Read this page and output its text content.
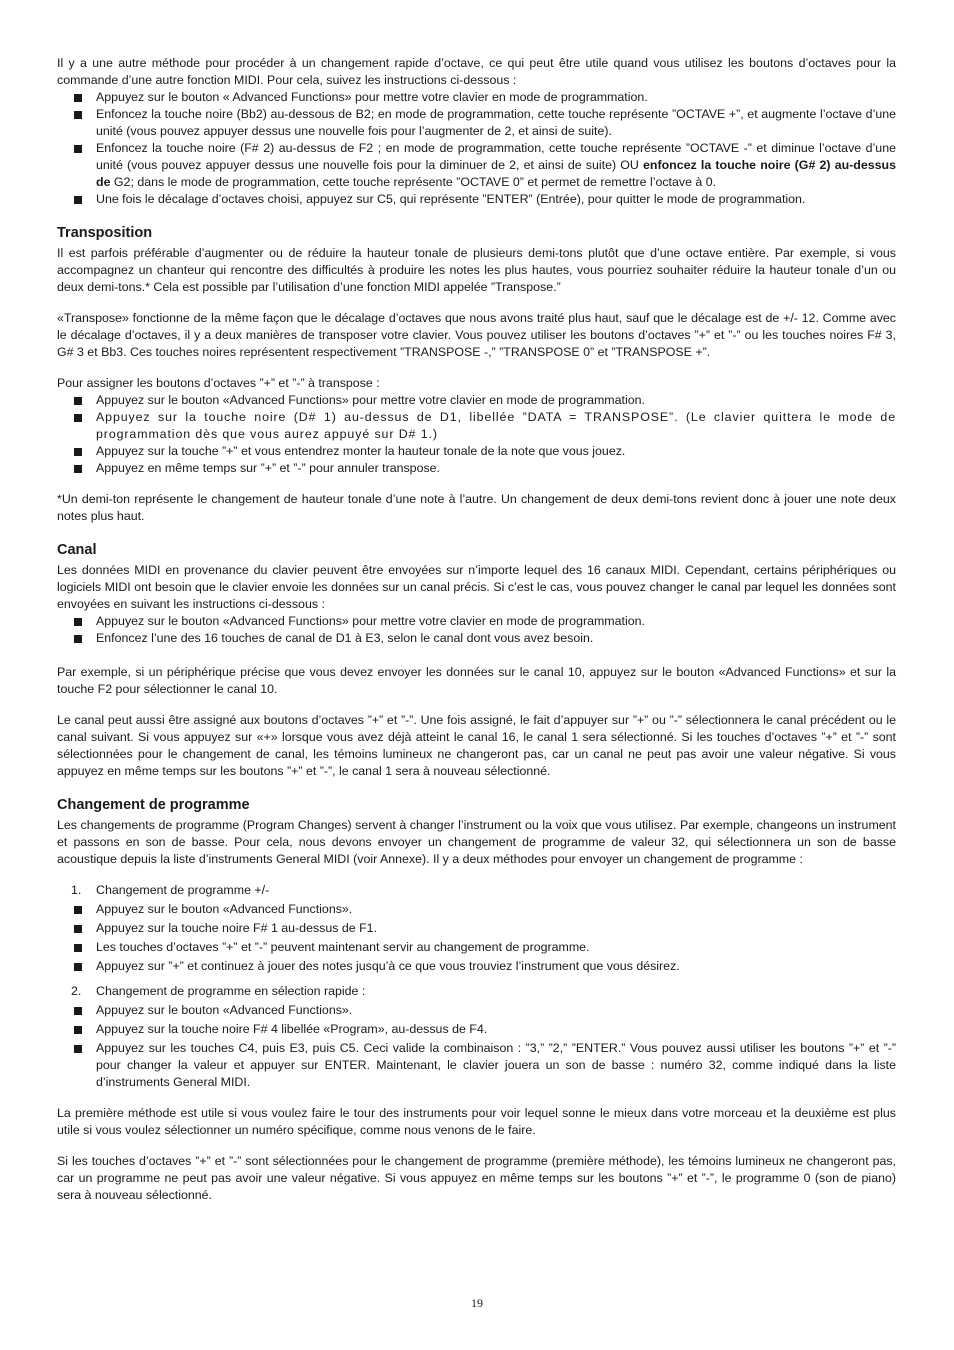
Il y a une autre méthode pour procéder à un changement rapide d’octave, ce qui peut être utile quand vous utilisez les boutons d’octaves pour la commande d’une autre fonction MIDI. Pour cela, suivez les instructions ci-dessous :

Appuyez sur le bouton « Advanced Functions» pour mettre votre clavier en mode de programmation.
Enfoncez la touche noire (Bb2) au-dessous de B2; en mode de programmation, cette touche représente ”OCTAVE +”, et augmente l’octave d’une unité (vous pouvez appuyer dessus une nouvelle fois pour l’augmenter de 2, et ainsi de suite).
Enfoncez la touche noire (F# 2) au-dessus de F2 ; en mode de programmation, cette touche représente ”OCTAVE -” et diminue l’octave d’une unité (vous pouvez appuyer dessus une nouvelle fois pour la diminuer de 2, et ainsi de suite) OU enfoncez la touche noire (G# 2) au-dessus de G2; dans le mode de programmation, cette touche représente ”OCTAVE 0” et permet de remettre l’octave à 0.
Une fois le décalage d’octaves choisi, appuyez sur C5, qui représente ”ENTER” (Entrée), pour quitter le mode de programmation.
Transposition

Il est parfois préférable d’augmenter ou de réduire la hauteur tonale de plusieurs demi-tons plutôt que d’une octave entière. Par exemple, si vous accompagnez un chanteur qui rencontre des difficultés à produire les notes les plus hautes, vous pourriez souhaiter réduire la hauteur tonale d’un ou deux demi-tons.* Cela est possible par l’utilisation d’une fonction MIDI appelée ”Transpose.”

«Transpose» fonctionne de la même façon que le décalage d’octaves que nous avons traité plus haut, sauf que le décalage est de +/- 12. Comme avec le décalage d’octaves, il y a deux manières de transposer votre clavier. Vous pouvez utiliser les boutons d’octaves ”+” et ”-” ou les touches noires F# 3, G# 3 et Bb3. Ces touches noires représentent respectivement ”TRANSPOSE -,” ”TRANSPOSE 0” et ”TRANSPOSE +”.

Pour assigner les boutons d’octaves ”+” et ”-” à transpose :

Appuyez sur le bouton «Advanced Functions» pour mettre votre clavier en mode de programmation.
Appuyez sur la touche noire (D# 1) au-dessus de D1, libellée ”DATA = TRANSPOSE”. (Le clavier quittera le mode de programmation dès que vous aurez appuyé sur D# 1.)
Appuyez sur la touche ”+” et vous entendrez monter la hauteur tonale de la note que vous jouez.
Appuyez en même temps sur ”+” et ”-” pour annuler transpose.

*Un demi-ton représente le changement de hauteur tonale d’une note à l’autre. Un changement de deux demi-tons revient donc à jouer une note deux notes plus haut.

Canal

Les données MIDI en provenance du clavier peuvent être envoyées sur n’importe lequel des 16 canaux MIDI. Cependant, certains périphériques ou logiciels MIDI ont besoin que le clavier envoie les données sur un canal précis. Si c’est le cas, vous pouvez changer le canal par lequel les données sont envoyées en suivant les instructions ci-dessous :

Appuyez sur le bouton «Advanced Functions» pour mettre votre clavier en mode de programmation.
Enfoncez l’une des 16 touches de canal de D1 à E3, selon le canal dont vous avez besoin.

Par exemple, si un périphérique précise que vous devez envoyer les données sur le canal 10, appuyez sur le bouton «Advanced Functions» et sur la touche F2 pour sélectionner le canal 10.

Le canal peut aussi être assigné aux boutons d’octaves ”+” et ”-”. Une fois assigné, le fait d’appuyer sur ”+” ou ”-” sélectionnera le canal précédent ou le canal suivant. Si vous appuyez sur «+» lorsque vous avez déjà atteint le canal 16, le canal 1 sera sélectionné. Si les touches d’octaves ”+” et ”-” sont sélectionnées pour le changement de canal, les témoins lumineux ne changeront pas, car un canal ne peut pas avoir une valeur négative. Si vous appuyez en même temps sur les boutons ”+” et ”-”, le canal 1 sera à nouveau sélectionné.

Changement de programme

Les changements de programme (Program Changes) servent à changer l’instrument ou la voix que vous utilisez. Par exemple, changeons un instrument et passons en son de basse. Pour cela, nous devons envoyer un changement de programme de valeur 32, qui sélectionnera un son de basse acoustique depuis la liste d’instruments General MIDI (voir Annexe). Il y a deux méthodes pour envoyer un changement de programme :

1. Changement de programme +/-
Appuyez sur le bouton «Advanced Functions».
Appuyez sur la touche noire F# 1 au-dessus de F1.
Les touches d’octaves ”+” et ”-” peuvent maintenant servir au changement de programme.
Appuyez sur ”+” et continuez à jouer des notes jusqu’à ce que vous trouviez l’instrument que vous désirez.
2. Changement de programme en sélection rapide :
Appuyez sur le bouton «Advanced Functions».
Appuyez sur la touche noire F# 4 libellée «Program», au-dessus de F4.
Appuyez sur les touches C4, puis E3, puis C5. Ceci valide la combinaison : ”3,” ”2,” ”ENTER.” Vous pouvez aussi utiliser les boutons ”+” et ”-” pour changer la valeur et appuyer sur ENTER. Maintenant, le clavier jouera un son de basse : numéro 32, comme indiqué dans la liste d’instruments General MIDI.

La première méthode est utile si vous voulez faire le tour des instruments pour voir lequel sonne le mieux dans votre morceau et la deuxième est plus utile si vous voulez sélectionner un numéro spécifique, comme nous venons de le faire.

Si les touches d’octaves ”+” et ”-” sont sélectionnées pour le changement de programme (première méthode), les témoins lumineux ne changeront pas, car un programme ne peut pas avoir une valeur négative. Si vous appuyez en même temps sur les boutons ”+” et ”-”, le programme 0 (son de piano) sera à nouveau sélectionné.

19
